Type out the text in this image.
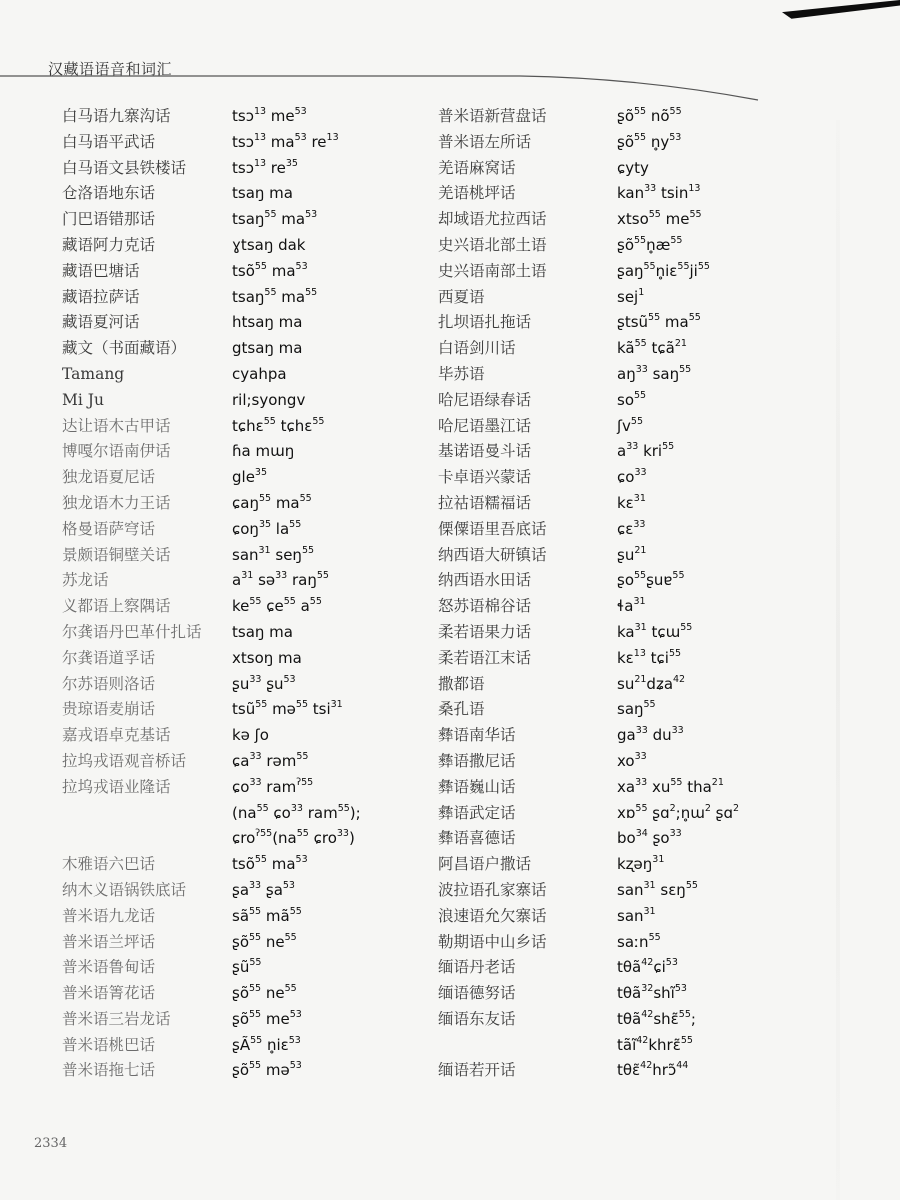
汉藏语语音和词汇
白马语九寨沟话
白马语平武话
白马语文县铁楼话
仓洛语地东话
门巴语错那话
藏语阿力克话
藏语巴塘话
藏语拉萨话
藏语夏河话
藏文（书面藏语）
Tamang
Mi Ju
达让语木古甲话
博嘎尔语南伊话
独龙语夏尼话
独龙语木力王话
格曼语萨穹话
景颇语铜壁关话
苏龙话
义都语上察隅话
尔龚语丹巴革什扎话
尔龚语道孚话
尔苏语则洛话
贵琼语麦崩话
嘉戎语卓克基话
拉坞戎语观音桥话
拉坞戎语业隆话

木雅语六巴话
纳木义语锅铁底话
普米语九龙话
普米语兰坪话
普米语鲁甸话
普米语箐花话
普米语三岩龙话
普米语桃巴话
普米语拖七话
tsɔ$^{13}$ $me^{53}$
tsɔ$^{13}$ $ma^{53}$ $re^{13}$
tsɔ$^{13}$ $re^{35}$
tsaŋ ma
tsaŋ$^{55}$ $ma^{53}$
ɣtsaŋ dak
tsõ$^{55}$ $ma^{53}$
tsaŋ$^{55}$ $ma^{55}$
htsaŋ ma
gtsaŋ ma
cyahpa
ril;syongv
tɕhɛ$^{55}$ tɕhɛ$^{55}$
ɦa mɯŋ
gle$^{35}$
ɕaŋ$^{55}$ $ma^{55}$
ɕoŋ$^{35}$ $la^{55}$
san$^{31}$ seŋ$^{55}$
$a^{31}$ sə$^{33}$ raŋ$^{55}$
$ke^{55}$ ɕe$^{55}$ $a^{55}$
tsaŋ ma
xtsoŋ ma
ʂu$^{33}$ ʂu$^{53}$
tsũ$^{55}$ mə$^{55}$ tsi$^{31}$
kə ʃo
ɕa$^{33}$ rəm$^{55}$
ɕo$^{33}$ ram$^{ʔ55}$
($na^{55}$ ɕo$^{33}$ ram$^{55}$);
$ɕro^{ʔ55}(na^{55}$ ɕro$^{33}$)
tsõ$^{55}$ $ma^{53}$
ʂa$^{33}$ ʂa$^{53}$
$sã^{55}$ $mã^{55}$
ʂõ$^{55}$ $ne^{55}$
ʂũ$^{55}$
ʂõ$^{55}$ $ne^{55}$
ʂõ$^{55}$ $me^{53}$
ʂÃ$^{55}$ n̥iɛ$^{53}$
ʂõ$^{55}$ mə$^{53}$
普米语新营盘话
普米语左所话
羌语麻窝话
羌语桃坪话
却域语尤拉西话
史兴语北部土语
史兴语南部土语
西夏语
扎坝语扎拖话
白语剑川话
毕苏语
哈尼语绿春话
哈尼语墨江话
基诺语曼斗话
卡卓语兴蒙话
拉祜语糯福话
傈僳语里吾底话
纳西语大研镇话
纳西语水田话
怒苏语棉谷话
柔若语果力话
柔若语江末话
撒都语
桑孔语
彝语南华话
彝语撒尼话
彝语巍山话
彝语武定话
彝语喜德话
阿昌语户撒话
波拉语孔家寨话
浪速语允欠寨话
勒期语中山乡话
缅语丹老话
缅语德努话
缅语东友话

缅语若开话
ʂõ$^{55}$ $nõ^{55}$
ʂõ$^{55}$ $n̥y^{53}$
ɕyty
kan$^{33}$ tsin$^{13}$
xtso$^{55}$ $me^{55}$
$ʂõ^{55}n̥æ^{55}$
$ʂaŋ^{55}n̥iɛ^{55}ji^{55}$
sej$^1$
ʂtsũ$^{55}$ $ma^{55}$
$kã^{55}$ tɕã$^{21}$
$aŋ^{33}$ saŋ$^{55}$
$so^{55}$
ʃv$^{55}$
$a^{33}$ kri$^{55}$
ɕo$^{33}$
kɛ$^{31}$
ɕɛ$^{33}$
ʂu$^{21}$
ʂo$^{55}$ʂuɐ$^{55}$
ɬa$^{31}$
$ka^{31}$ tɕɯ$^{55}$
kɛ$^{13}$ tɕi$^{55}$
$su^{21}dʑa^{42}$
saŋ$^{55}$
$ga^{33}$ $du^{33}$
$xo^{33}$
$xa^{33}$ $xu^{55}$ tha$^{21}$
xɒ$^{55}$ ʂɑ$^2$;n̥ɯ$^2$ ʂɑ$^2$
$bo^{34}$ ʂo$^{33}$
kʐəŋ$^{31}$
san$^{31}$ sɛŋ$^{55}$
san$^{31}$
saːn$^{55}$
tθã$^{42}$ɕi$^{53}$
tθã$^{32}$shĩ$^{53}$
tθã$^{42}$shɛ̃$^{55}$;
tãĩ$^{42}$khrɛ̃$^{55}$
tθɛ̃$^{42}$hrɔ̃$^{44}$
2334
